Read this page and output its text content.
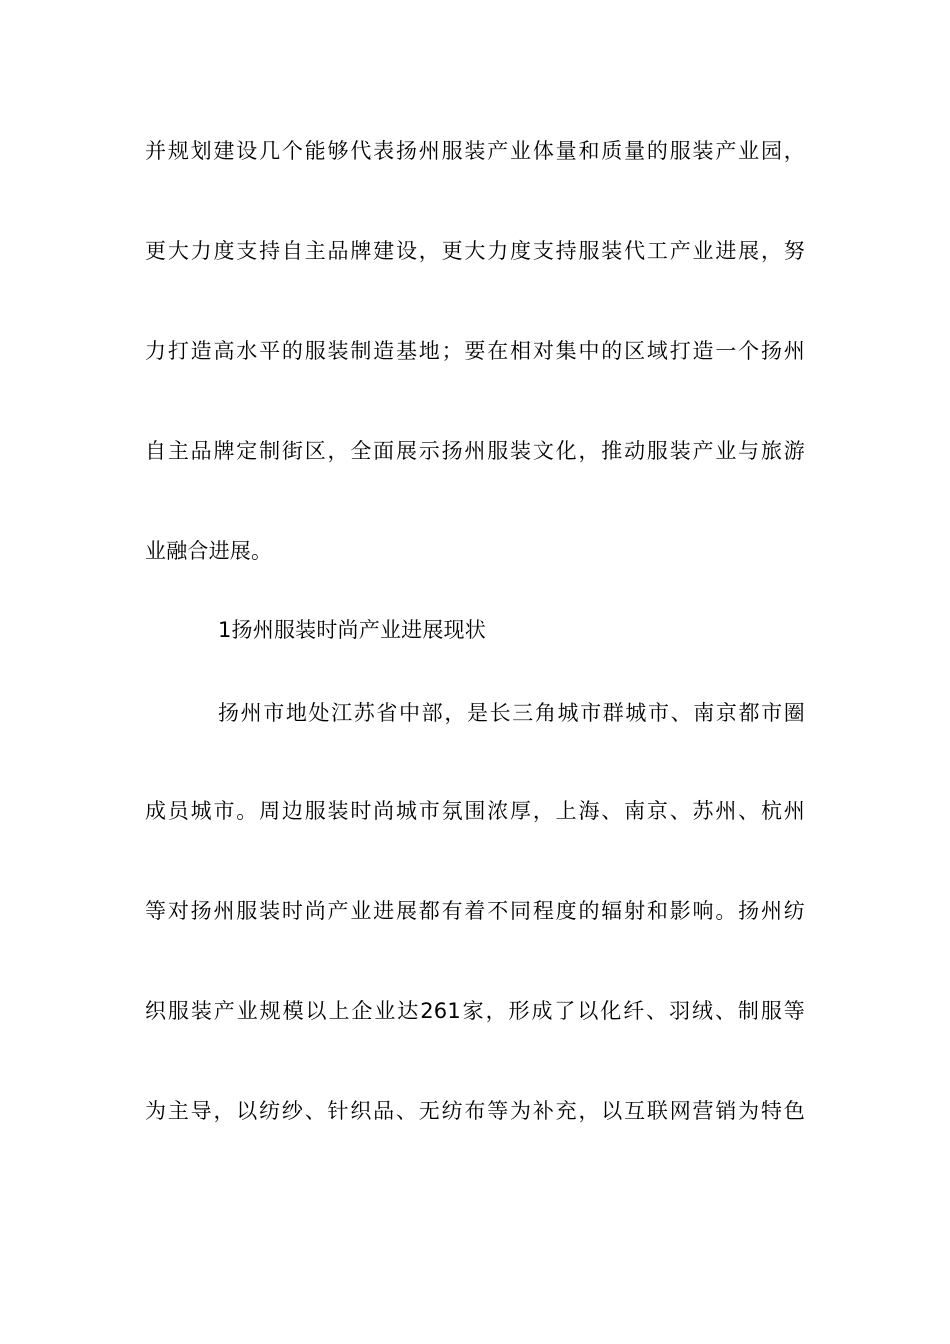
并规划建设几个能够代表扬州服装产业体量和质量的服装产业园，
更大力度支持自主品牌建设，更大力度支持服装代工产业进展，努
力打造高水平的服装制造基地；要在相对集中的区域打造一个扬州
自主品牌定制街区，全面展示扬州服装文化，推动服装产业与旅游
业融合进展。
1扬州服装时尚产业进展现状
扬州市地处江苏省中部，是长三角城市群城市、南京都市圈
成员城市。周边服装时尚城市氛围浓厚，上海、南京、苏州、杭州
等对扬州服装时尚产业进展都有着不同程度的辐射和影响。扬州纺
织服装产业规模以上企业达261家，形成了以化纤、羽绒、制服等
为主导，以纺纱、针织品、无纺布等为补充，以互联网营销为特色
